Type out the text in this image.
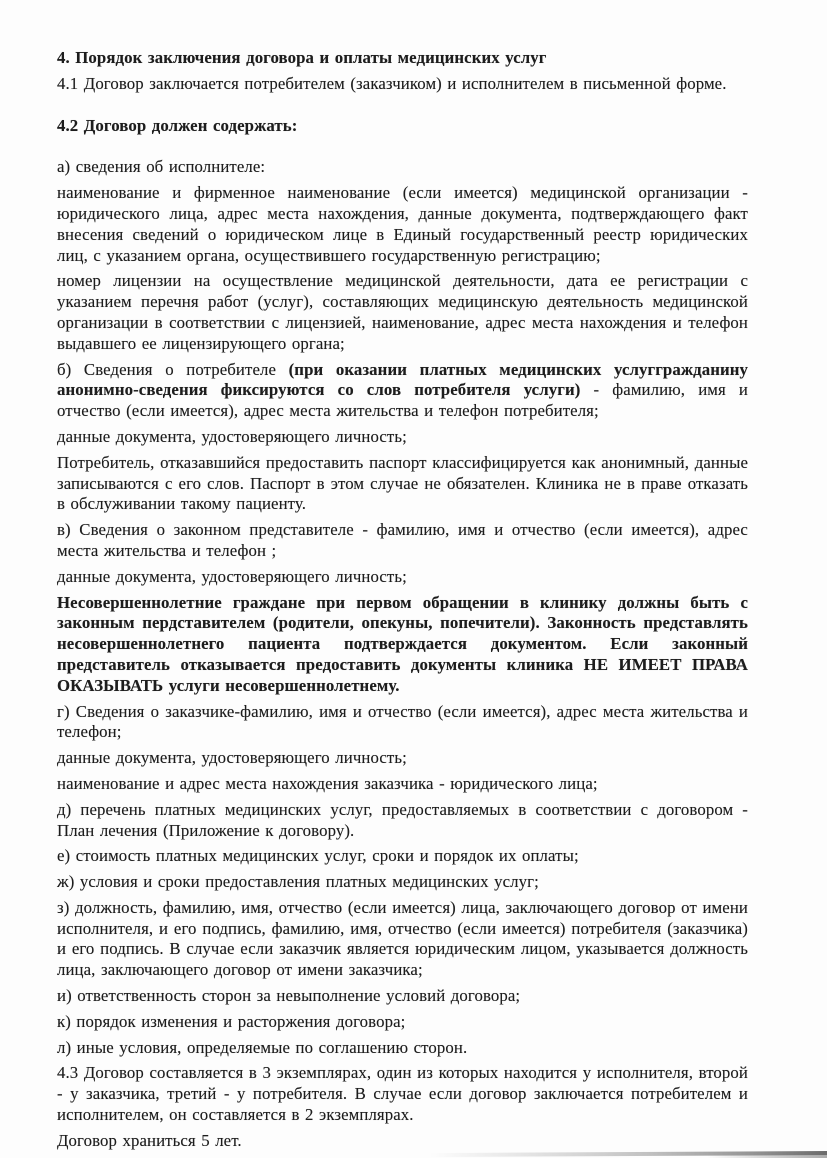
4. Порядок заключения договора и оплаты медицинских услуг

4.1 Договор заключается потребителем (заказчиком) и исполнителем в письменной форме.

4.2 Договор должен содержать:

а) сведения об исполнителе:

наименование и фирменное наименование (если имеется) медицинской организации - юридического лица, адрес места нахождения, данные документа, подтверждающего факт внесения сведений о юридическом лице в Единый государственный реестр юридических лиц, с указанием органа, осуществившего государственную регистрацию;

номер лицензии на осуществление медицинской деятельности, дата ее регистрации с указанием перечня работ (услуг), составляющих медицинскую деятельность медицинской организации в соответствии с лицензией, наименование, адрес места нахождения и телефон выдавшего ее лицензирующего органа;

б) Сведения о потребителе (при оказании платных медицинских услуггражданину анонимно-сведения фиксируются со слов потребителя услуги) - фамилию, имя и отчество (если имеется), адрес места жительства и телефон потребителя;

данные документа, удостоверяющего личность;

Потребитель, отказавшийся предоставить паспорт классифицируется как анонимный, данные записываются с его слов. Паспорт в этом случае не обязателен. Клиника не в праве отказать в обслуживании такому пациенту.

в) Сведения о законном представителе - фамилию, имя и отчество (если имеется), адрес места жительства и телефон ;

данные документа, удостоверяющего личность;

Несовершеннолетние граждане при первом обращении в клинику должны быть с законным пердставителем (родители, опекуны, попечители). Законность представлять несовершеннолетнего пациента подтверждается документом. Если законный представитель отказывается предоставить документы клиника НЕ ИМЕЕТ ПРАВА ОКАЗЫВАТЬ услуги несовершеннолетнему.

г) Сведения о заказчике-фамилию, имя и отчество (если имеется), адрес места жительства и телефон;

данные документа, удостоверяющего личность;

наименование и адрес места нахождения заказчика - юридического лица;

д) перечень платных медицинских услуг, предоставляемых в соответствии с договором - План лечения (Приложение к договору).

е) стоимость платных медицинских услуг, сроки и порядок их оплаты;

ж) условия и сроки предоставления платных медицинских услуг;

з) должность, фамилию, имя, отчество (если имеется) лица, заключающего договор от имени исполнителя, и его подпись, фамилию, имя, отчество (если имеется) потребителя (заказчика) и его подпись. В случае если заказчик является юридическим лицом, указывается должность лица, заключающего договор от имени заказчика;

и) ответственность сторон за невыполнение условий договора;

к) порядок изменения и расторжения договора;

л) иные условия, определяемые по соглашению сторон.

4.3 Договор составляется в 3 экземплярах, один из которых находится у исполнителя, второй - у заказчика, третий - у потребителя. В случае если договор заключается потребителем и исполнителем, он составляется в 2 экземплярах.

Договор храниться 5 лет.
